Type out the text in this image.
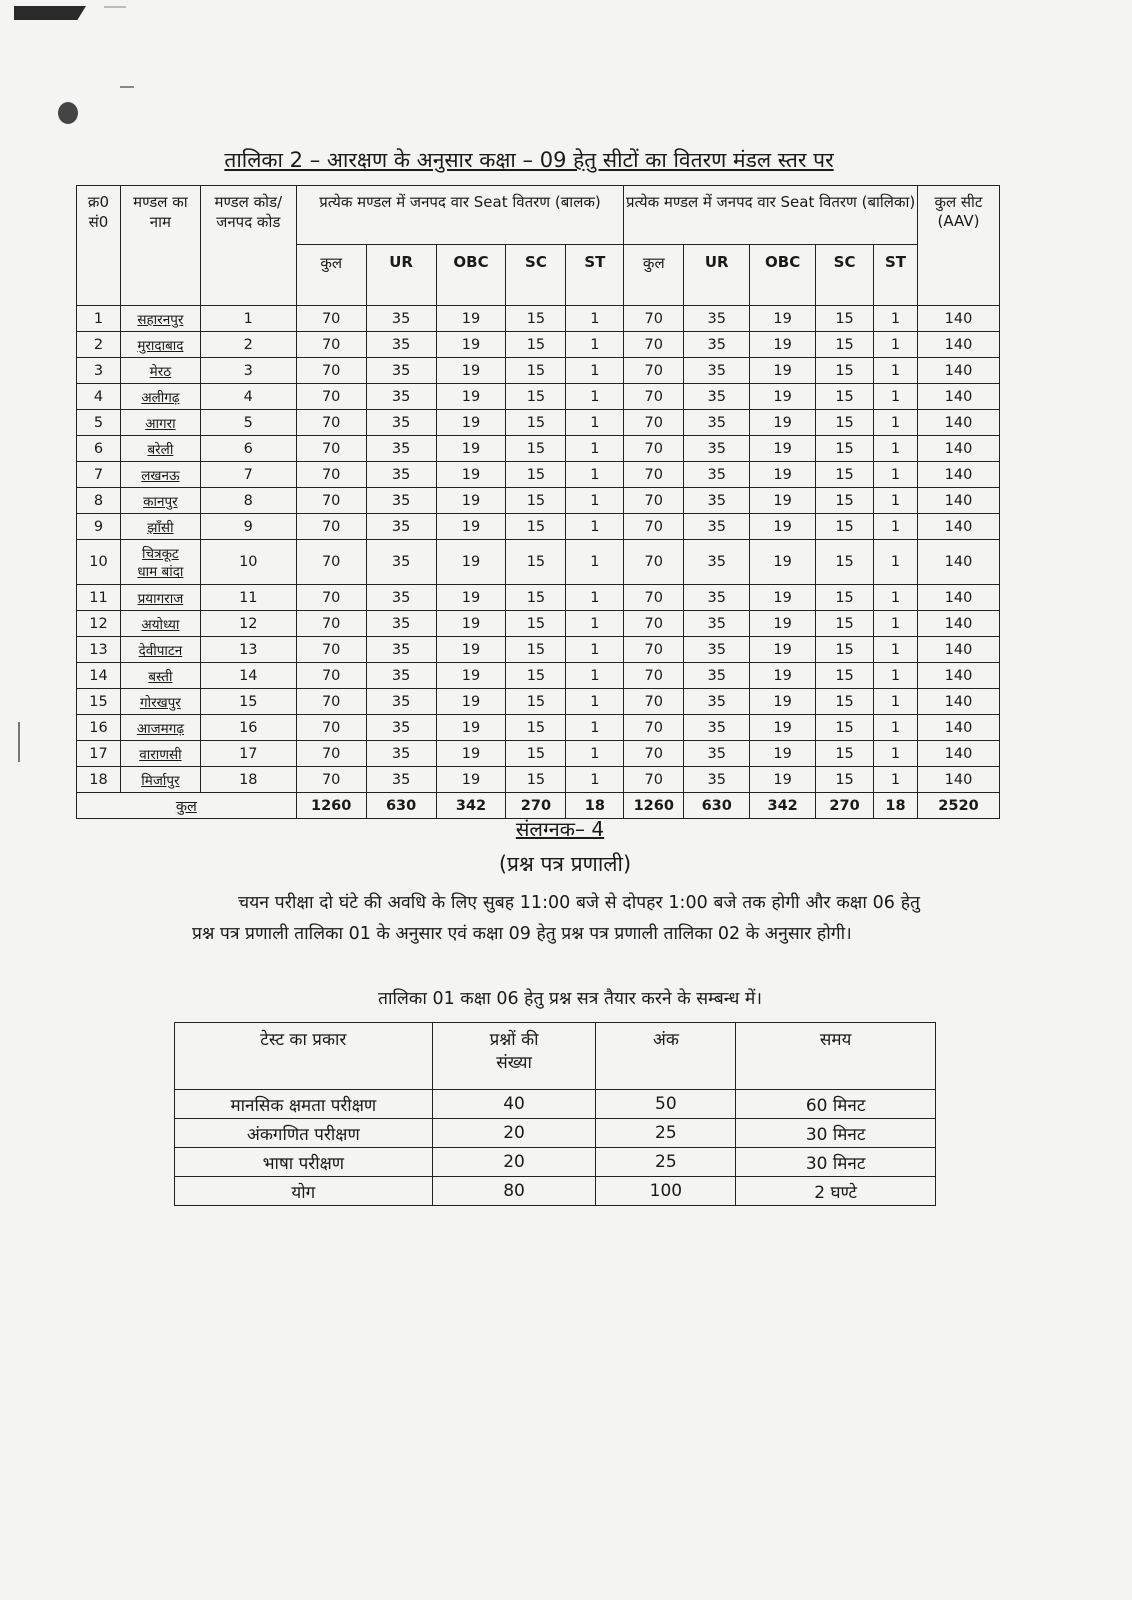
तालिका 2 – आरक्षण के अनुसार कक्षा – 09 हेतु सीटों का वितरण मंडल स्तर पर
क्र0 सं0	मण्डल का नाम	मण्डल कोड/
जनपद कोड	प्रत्येक मण्डल में जनपद वार Seat वितरण (बालक)					प्रत्येक मण्डल में जनपद वार Seat वितरण (बालिका)					कुल सीट (AAV)
			कुल	UR	OBC	SC	ST	कुल	UR	OBC	SC	ST	
1	सहारनपुर	1	70	35	19	15	1	70	35	19	15	1	140
2	मुरादाबाद	2	70	35	19	15	1	70	35	19	15	1	140
3	मेरठ	3	70	35	19	15	1	70	35	19	15	1	140
4	अलीगढ़	4	70	35	19	15	1	70	35	19	15	1	140
5	आगरा	5	70	35	19	15	1	70	35	19	15	1	140
6	बरेली	6	70	35	19	15	1	70	35	19	15	1	140
7	लखनऊ	7	70	35	19	15	1	70	35	19	15	1	140
8	कानपुर	8	70	35	19	15	1	70	35	19	15	1	140
9	झाँसी	9	70	35	19	15	1	70	35	19	15	1	140
10	चित्रकूट
धाम बांदा	10	70	35	19	15	1	70	35	19	15	1	140
11	प्रयागराज	11	70	35	19	15	1	70	35	19	15	1	140
12	अयोध्या	12	70	35	19	15	1	70	35	19	15	1	140
13	देवीपाटन	13	70	35	19	15	1	70	35	19	15	1	140
14	बस्ती	14	70	35	19	15	1	70	35	19	15	1	140
15	गोरखपुर	15	70	35	19	15	1	70	35	19	15	1	140
16	आजमगढ़	16	70	35	19	15	1	70	35	19	15	1	140
17	वाराणसी	17	70	35	19	15	1	70	35	19	15	1	140
18	मिर्जापुर	18	70	35	19	15	1	70	35	19	15	1	140
कुल			1260	630	342	270	18	1260	630	342	270	18	2520
संलग्नक– 4
(प्रश्न पत्र प्रणाली)
चयन परीक्षा दो घंटे की अवधि के लिए सुबह 11:00 बजे से दोपहर 1:00 बजे तक होगी और कक्षा 06 हेतु प्रश्न पत्र प्रणाली तालिका 01 के अनुसार एवं कक्षा 09 हेतु प्रश्न पत्र प्रणाली तालिका 02 के अनुसार होगी।
तालिका 01 कक्षा 06 हेतु प्रश्न सत्र तैयार करने के सम्बन्ध में।
टेस्ट का प्रकार	प्रश्नों की
संख्या	अंक	समय
मानसिक क्षमता परीक्षण	40	50	60 मिनट
अंकगणित परीक्षण	20	25	30 मिनट
भाषा परीक्षण	20	25	30 मिनट
योग	80	100	2 घण्टे
